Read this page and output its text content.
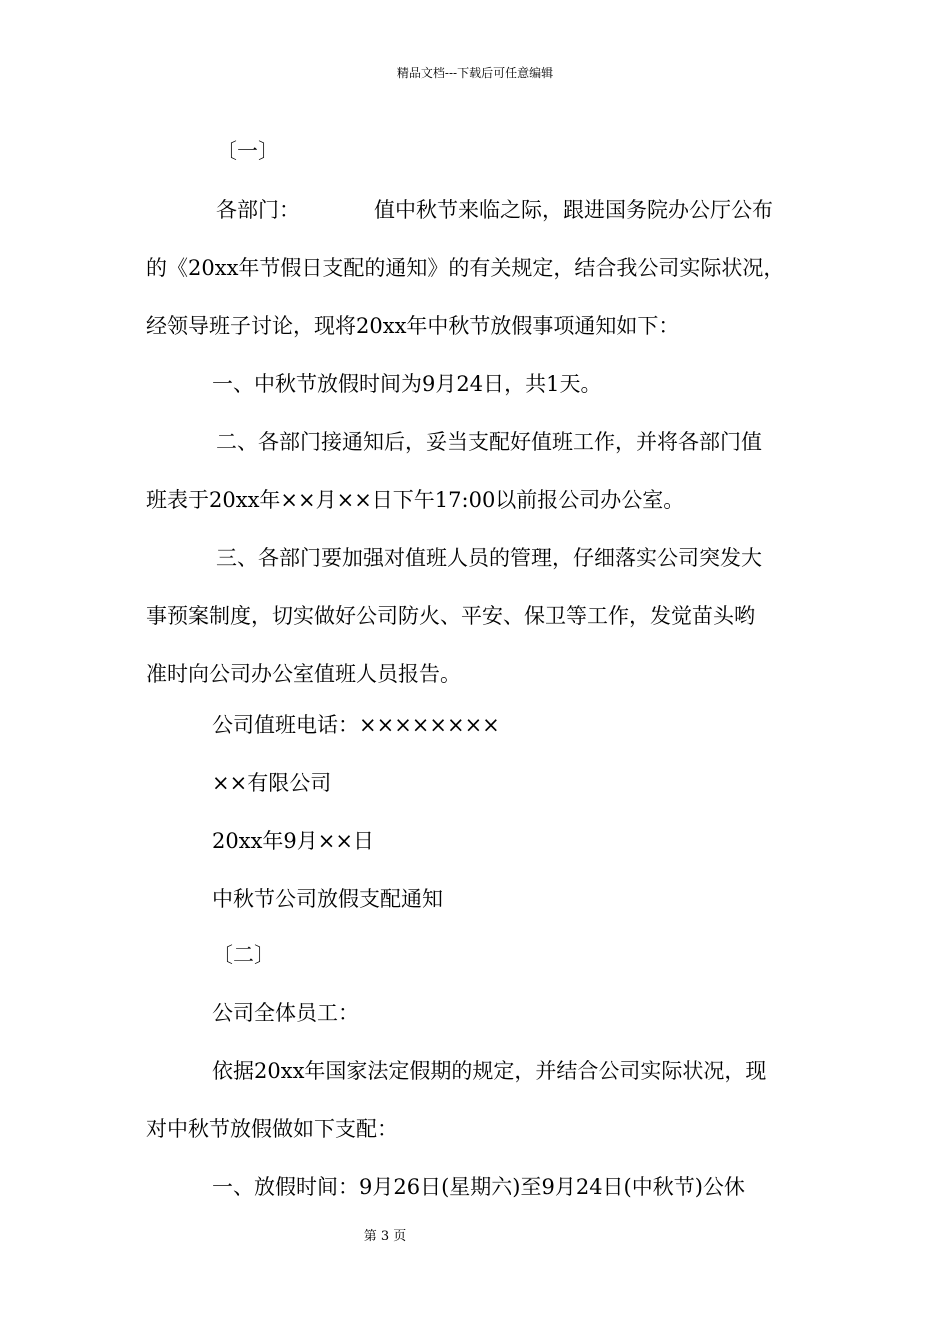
精品文档---下载后可任意编辑
〔一〕
各部门：	值中秋节来临之际，跟进国务院办公厅公布
的《20xx年节假日支配的通知》的有关规定，结合我公司实际状况，
经领导班子讨论，现将20xx年中秋节放假事项通知如下：
一、中秋节放假时间为9月24日，共1天。
二、各部门接通知后，妥当支配好值班工作，并将各部门值
班表于20xx年××月××日下午17:00以前报公司办公室。
三、各部门要加强对值班人员的管理，仔细落实公司突发大
事预案制度，切实做好公司防火、平安、保卫等工作，发觉苗头哟
准时向公司办公室值班人员报告。
公司值班电话：××××××××
××有限公司
20xx年9月××日
中秋节公司放假支配通知
〔二〕
公司全体员工：
依据20xx年国家法定假期的规定，并结合公司实际状况，现
对中秋节放假做如下支配：
一、放假时间：9月26日(星期六)至9月24日(中秋节)公休
第 3 页
